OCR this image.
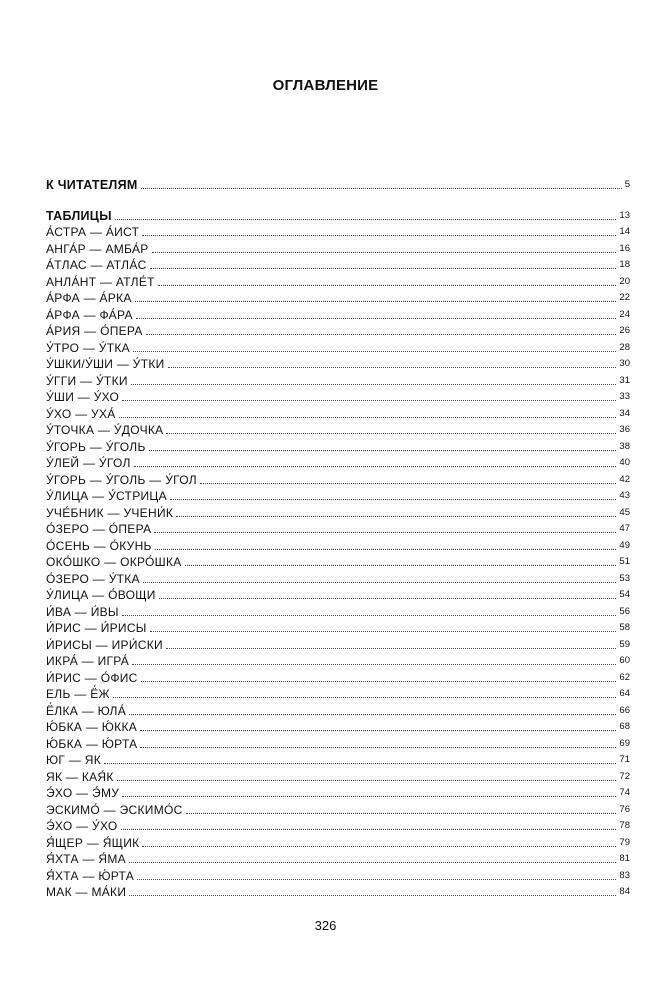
ОГЛАВЛЕНИЕ
К ЧИТАТЕЛЯМ	5
ТАБЛИЦЫ	13
А́СТРА — А́ИСТ	14
АНГА́Р — АМБА́Р	16
А́ТЛАС — АТЛА́С	18
АНЛА́НТ — АТЛЕ́Т	20
А́РФА — А́РКА	22
А́РФА — ФА́РА	24
А́РИЯ — О́ПЕРА	26
У́ТРО — У́ТКА	28
У́ШКИ/У́ШИ — У́ТКИ	30
У́ГГИ — У́ТКИ	31
У́ШИ — У́ХО	33
У́ХО — УХА́	34
У́ТОЧКА — У́ДОЧКА	36
У́ГОРЬ — У́ГОЛЬ	38
У́ЛЕЙ — У́ГОЛ	40
У́ГОРЬ — У́ГОЛЬ — У́ГОЛ	42
У́ЛИЦА — У́СТРИЦА	43
УЧЕ́БНИК — УЧЕНИ́К	45
О́ЗЕРО — О́ПЕРА	47
О́СЕНЬ — О́КУНЬ	49
ОКО́ШКО — ОКРО́ШКА	51
О́ЗЕРО — У́ТКА	53
У́ЛИЦА — О́ВОЩИ	54
И́ВА — И́ВЫ	56
И́РИС — И́РИСЫ	58
И́РИСЫ — ИРИ́СКИ	59
ИКРА́ — ИГРА́	60
И́РИС — О́ФИС	62
ЕЛЬ — Ё́Ж	64
Ё́ЛКА — ЮЛА́	66
Ю́БКА — Ю́ККА	68
Ю́БКА — Ю́РТА	69
ЮГ — ЯК	71
ЯК — КАЯ́К	72
Э́ХО — Э́МУ	74
ЭСКИМО́ — ЭСКИМО́С	76
Э́ХО — У́ХО	78
Я́ЩЕР — Я́ЩИК	79
Я́ХТА — Я́МА	81
Я́ХТА — Ю́РТА	83
МАК — МА́КИ	84
326
